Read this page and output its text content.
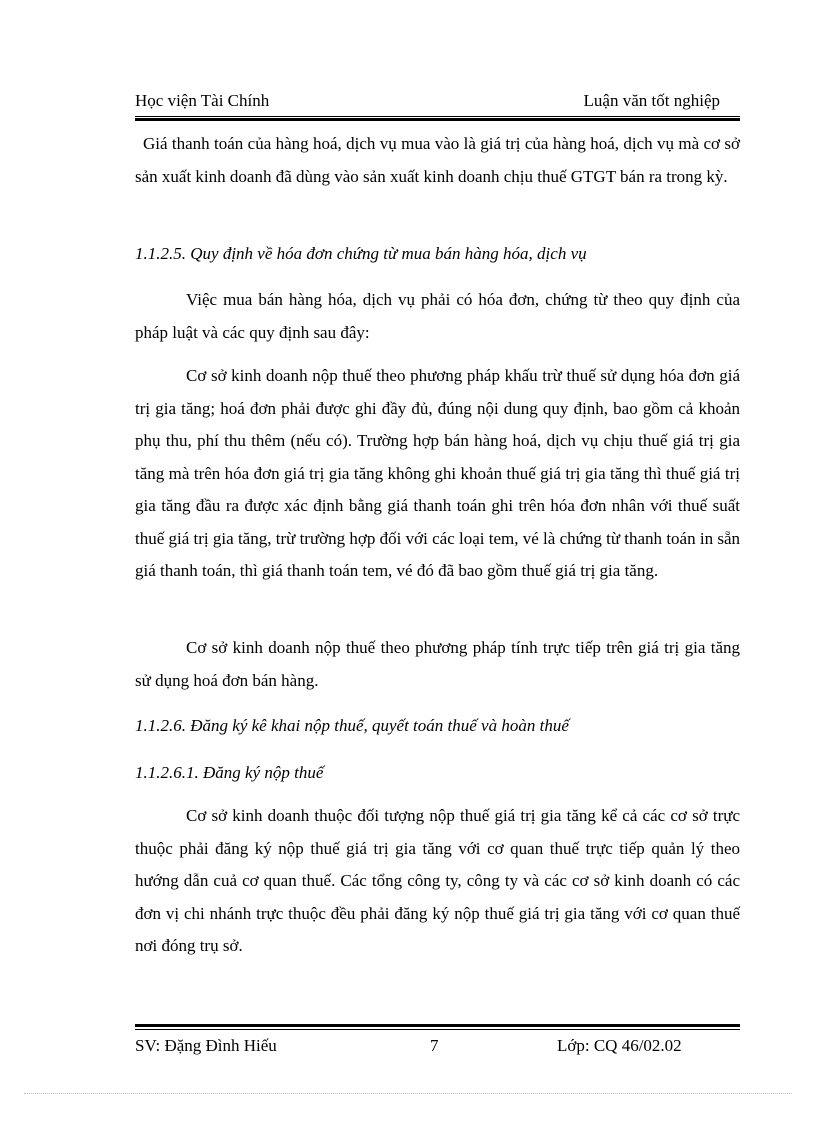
Học viện Tài Chính	Luận văn tốt nghiệp
Giá thanh toán của hàng hoá, dịch vụ mua vào là giá trị của hàng hoá, dịch vụ mà cơ sở sản xuất kinh doanh đã dùng vào sản xuất kinh doanh chịu thuế GTGT bán ra trong kỳ.
1.1.2.5. Quy định về hóa đơn chứng từ mua bán hàng hóa, dịch vụ
Việc mua bán hàng hóa, dịch vụ phải có hóa đơn, chứng từ theo quy định của pháp luật và các quy định sau đây:
Cơ sở kinh doanh nộp thuế theo phương pháp khấu trừ thuế sử dụng hóa đơn giá trị gia tăng; hoá đơn phải được ghi đầy đủ, đúng nội dung quy định, bao gồm cả khoản phụ thu, phí thu thêm (nếu có). Trường hợp bán hàng hoá, dịch vụ chịu thuế giá trị gia tăng mà trên hóa đơn giá trị gia tăng không ghi khoản thuế giá trị gia tăng thì thuế giá trị gia tăng đầu ra được xác định bằng giá thanh toán ghi trên hóa đơn nhân với thuế suất thuế giá trị gia tăng, trừ trường hợp đối với các loại tem, vé là chứng từ thanh toán in sẵn giá thanh toán, thì giá thanh toán tem, vé đó đã bao gồm thuế giá trị gia tăng.
Cơ sở kinh doanh nộp thuế theo phương pháp tính trực tiếp trên giá trị gia tăng sử dụng hoá đơn bán hàng.
1.1.2.6. Đăng ký kê khai nộp thuế, quyết toán thuế và hoàn thuế
1.1.2.6.1. Đăng ký nộp thuế
Cơ sở kinh doanh thuộc đối tượng nộp thuế giá trị gia tăng kể cả các cơ sở trực thuộc phải đăng ký nộp thuế giá trị gia tăng với cơ quan thuế trực tiếp quản lý theo hướng dẫn cuả cơ quan thuế. Các tổng công ty, công ty và các cơ sở kinh doanh có các đơn vị chi nhánh trực thuộc đều phải đăng ký nộp thuế giá trị gia tăng với cơ quan thuế nơi đóng trụ sở.
SV: Đặng Đình Hiếu	7	Lớp: CQ 46/02.02
